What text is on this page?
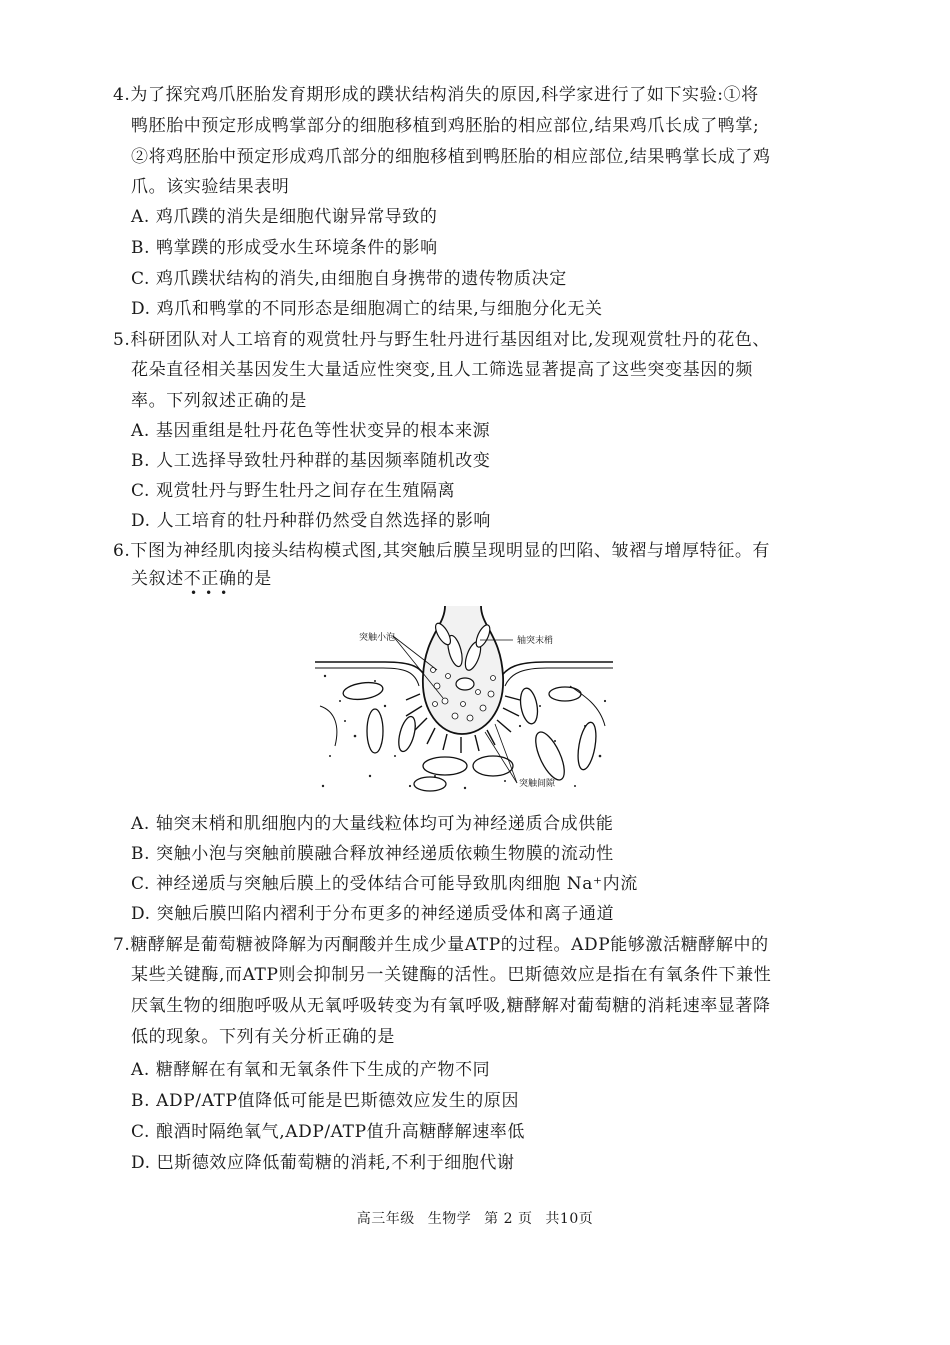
4.为了探究鸡爪胚胎发育期形成的蹼状结构消失的原因,科学家进行了如下实验:①将
鸭胚胎中预定形成鸭掌部分的细胞移植到鸡胚胎的相应部位,结果鸡爪长成了鸭掌;
②将鸡胚胎中预定形成鸡爪部分的细胞移植到鸭胚胎的相应部位,结果鸭掌长成了鸡
爪。该实验结果表明
A. 鸡爪蹼的消失是细胞代谢异常导致的
B. 鸭掌蹼的形成受水生环境条件的影响
C. 鸡爪蹼状结构的消失,由细胞自身携带的遗传物质决定
D. 鸡爪和鸭掌的不同形态是细胞凋亡的结果,与细胞分化无关
5.科研团队对人工培育的观赏牡丹与野生牡丹进行基因组对比,发现观赏牡丹的花色、
花朵直径相关基因发生大量适应性突变,且人工筛选显著提高了这些突变基因的频
率。下列叙述正确的是
A. 基因重组是牡丹花色等性状变异的根本来源
B. 人工选择导致牡丹种群的基因频率随机改变
C. 观赏牡丹与野生牡丹之间存在生殖隔离
D. 人工培育的牡丹种群仍然受自然选择的影响
6.下图为神经肌肉接头结构模式图,其突触后膜呈现明显的凹陷、皱褶与增厚特征。有
关叙述不正确的是
•••
突触小泡	轴突末梢
突触间隙
A. 轴突末梢和肌细胞内的大量线粒体均可为神经递质合成供能
B. 突触小泡与突触前膜融合释放神经递质依赖生物膜的流动性
C. 神经递质与突触后膜上的受体结合可能导致肌肉细胞 Na⁺内流
D. 突触后膜凹陷内褶利于分布更多的神经递质受体和离子通道
7.糖酵解是葡萄糖被降解为丙酮酸并生成少量ATP的过程。ADP能够激活糖酵解中的
某些关键酶,而ATP则会抑制另一关键酶的活性。巴斯德效应是指在有氧条件下兼性
厌氧生物的细胞呼吸从无氧呼吸转变为有氧呼吸,糖酵解对葡萄糖的消耗速率显著降
低的现象。下列有关分析正确的是
A. 糖酵解在有氧和无氧条件下生成的产物不同
B. ADP/ATP值降低可能是巴斯德效应发生的原因
C. 酿酒时隔绝氧气,ADP/ATP值升高糖酵解速率低
D. 巴斯德效应降低葡萄糖的消耗,不利于细胞代谢
高三年级 生物学 第 2 页 共10页
